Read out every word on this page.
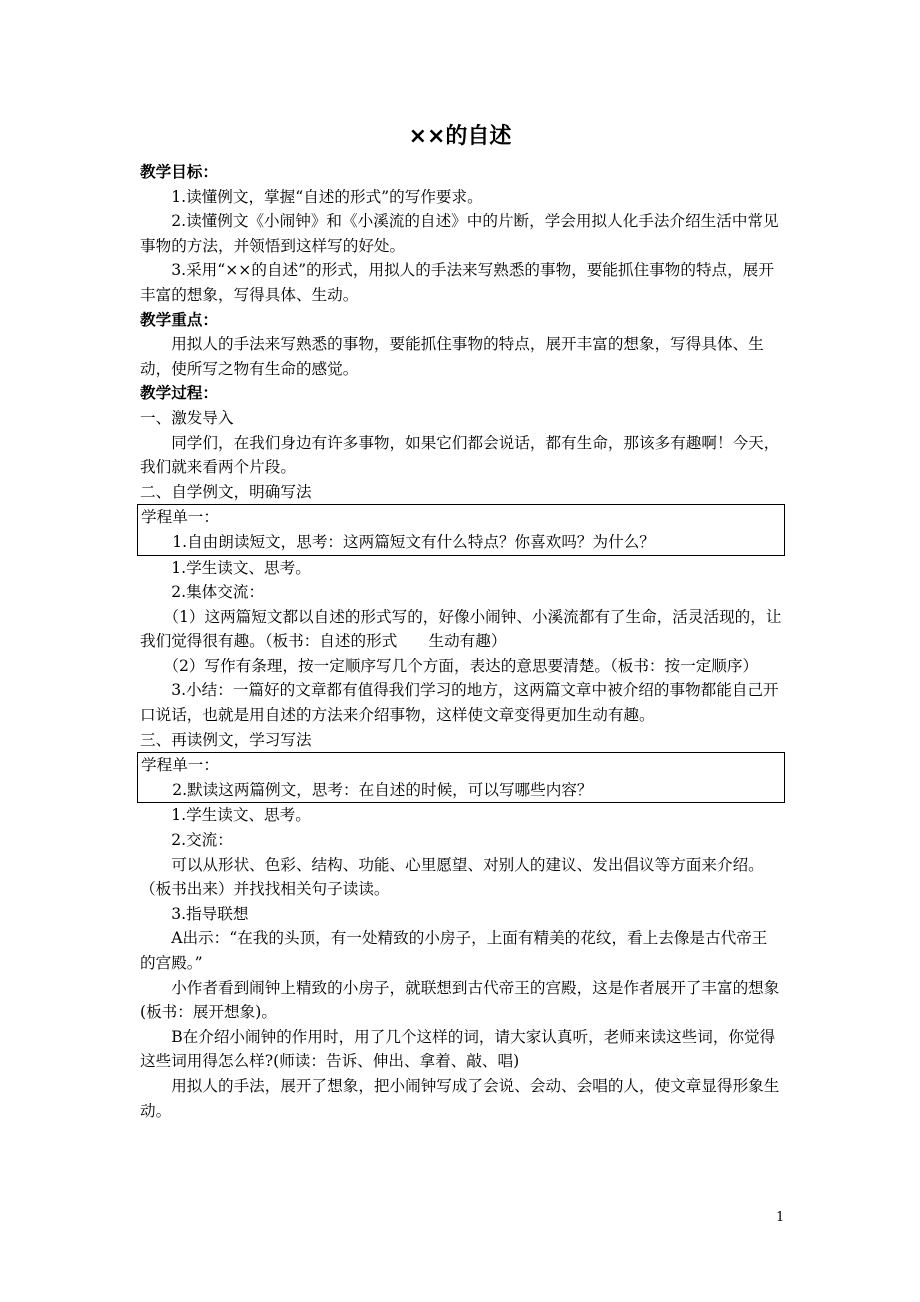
××的自述

教学目标：

1.读懂例文，掌握“自述的形式”的写作要求。

2.读懂例文《小闹钟》和《小溪流的自述》中的片断，学会用拟人化手法介绍生活中常见事物的方法，并领悟到这样写的好处。

3.采用“××的自述”的形式，用拟人的手法来写熟悉的事物，要能抓住事物的特点，展开丰富的想象，写得具体、生动。

教学重点：

用拟人的手法来写熟悉的事物，要能抓住事物的特点，展开丰富的想象，写得具体、生动，使所写之物有生命的感觉。

教学过程：

一、激发导入

同学们，在我们身边有许多事物，如果它们都会说话，都有生命，那该多有趣啊！今天，我们就来看两个片段。

二、自学例文，明确写法

学程单一：

1.自由朗读短文，思考：这两篇短文有什么特点？你喜欢吗？为什么？

1.学生读文、思考。

2.集体交流：

（1）这两篇短文都以自述的形式写的，好像小闹钟、小溪流都有了生命，活灵活现的，让我们觉得很有趣。（板书：自述的形式　　生动有趣）

（2）写作有条理，按一定顺序写几个方面，表达的意思要清楚。（板书：按一定顺序）

3.小结：一篇好的文章都有值得我们学习的地方，这两篇文章中被介绍的事物都能自己开口说话，也就是用自述的方法来介绍事物，这样使文章变得更加生动有趣。

三、再读例文，学习写法

学程单一：

2.默读这两篇例文，思考：在自述的时候，可以写哪些内容？

1.学生读文、思考。

2.交流：

可以从形状、色彩、结构、功能、心里愿望、对别人的建议、发出倡议等方面来介绍。（板书出来）并找找相关句子读读。

3.指导联想

A出示：“在我的头顶，有一处精致的小房子，上面有精美的花纹，看上去像是古代帝王的宫殿。”

小作者看到闹钟上精致的小房子，就联想到古代帝王的宫殿，这是作者展开了丰富的想象(板书：展开想象)。

B在介绍小闹钟的作用时，用了几个这样的词，请大家认真听，老师来读这些词，你觉得这些词用得怎么样?(师读：告诉、伸出、拿着、敲、唱)

用拟人的手法，展开了想象，把小闹钟写成了会说、会动、会唱的人，使文章显得形象生动。

1
